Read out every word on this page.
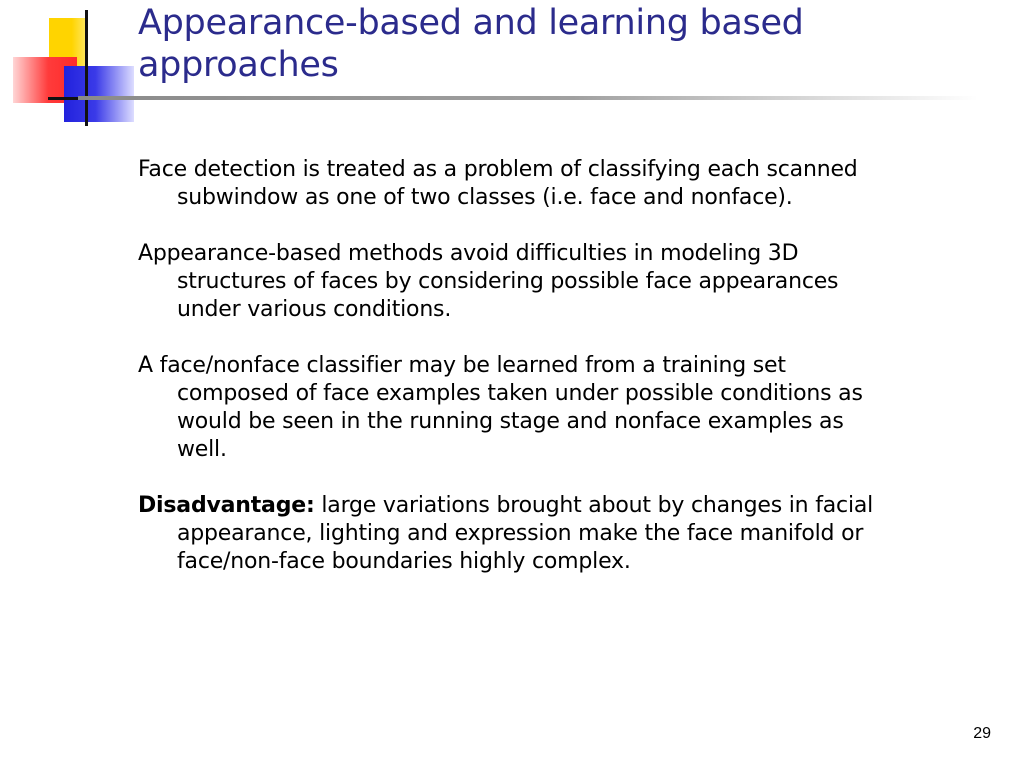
Appearance-based and learning based approaches

Face detection is treated as a problem of classifying each scanned subwindow as one of two classes (i.e. face and nonface).

Appearance-based methods avoid difficulties in modeling 3D structures of faces by considering possible face appearances under various conditions.

A face/nonface classifier may be learned from a training set composed of face examples taken under possible conditions as would be seen in the running stage and nonface examples as well.

Disadvantage: large variations brought about by changes in facial appearance, lighting and expression make the face manifold or face/non-face boundaries highly complex.

29
